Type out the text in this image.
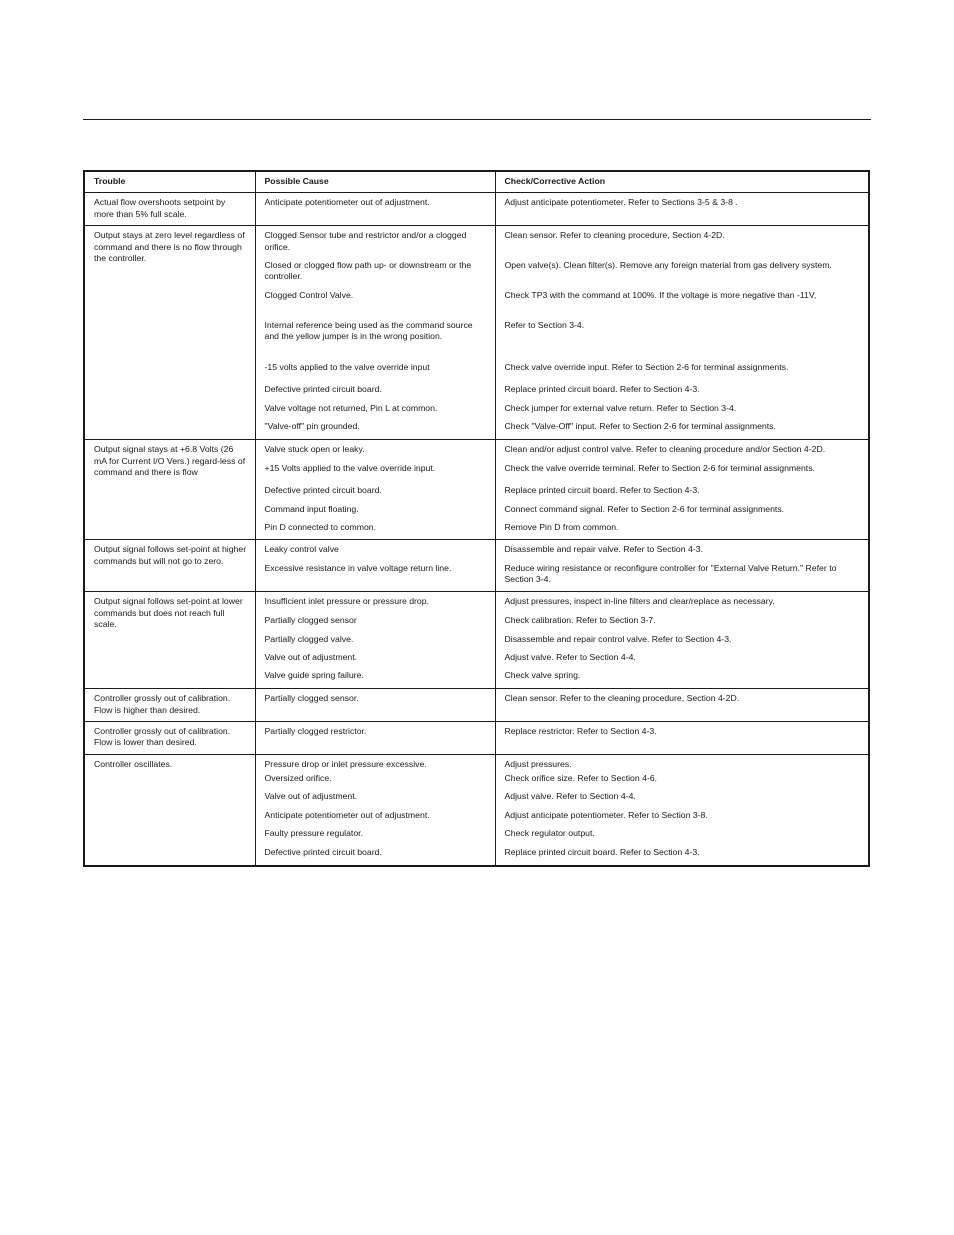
Trouble	Possible Cause	Check/Corrective Action
Actual flow overshoots setpoint by more than 5% full scale.	Anticipate potentiometer out of adjustment.	Adjust anticipate potentiometer. Refer to Sections 3-5 & 3-8 .
Output stays at zero level regardless of command and there is no flow through the controller.	Clogged Sensor tube and restrictor and/or a clogged orifice.	Clean sensor. Refer to cleaning procedure, Section 4-2D.
	Closed or clogged flow path up- or downstream or the controller.	Open valve(s). Clean filter(s). Remove any foreign material from gas delivery system.
	Clogged Control Valve.	Check TP3 with the command at 100%. If the voltage is more negative than -11V,
	Internal reference being used as the command source and the yellow jumper is in the wrong position.	Refer to Section 3-4.
	-15 volts applied to the valve override input	Check valve override input. Refer to Section 2-6 for terminal assignments.
	Defective printed circuit board.	Replace printed circuit board. Refer to Section 4-3.
	Valve voltage not returned, Pin L at common.	Check jumper for external valve return. Refer to Section 3-4.
	"Valve-off" pin grounded.	Check "Valve-Off" input. Refer to Section 2-6 for terminal assignments.
Output signal stays at +6.8 Volts (26 mA for Current I/O Vers.) regard-less of command and there is flow	Valve stuck open or leaky.	Clean and/or adjust control valve. Refer to cleaning procedure and/or Section 4-2D.
	+15 Volts applied to the valve override input.	Check the valve override terminal. Refer to Section 2-6 for terminal assignments.
	Defective printed circuit board.	Replace printed circuit board. Refer to Section 4-3.
	Command input floating.	Connect command signal. Refer to Section 2-6 for terminal assignments.
	Pin D connected to common.	Remove Pin D from common.
Output signal follows set-point at higher commands but will not go to zero.	Leaky control valve	Disassemble and repair valve. Refer to Section 4-3.
	Excessive resistance in valve voltage return line.	Reduce wiring resistance or reconfigure controller for "External Valve Return." Refer to Section 3-4.
Output signal follows set-point at lower commands but does not reach full scale.	Insufficient inlet pressure or pressure drop.	Adjust pressures, inspect in-line filters and clear/replace as necessary.
	Partially clogged sensor	Check calibration. Refer to Section 3-7.
	Partially clogged valve.	Disassemble and repair control valve. Refer to Section 4-3.
	Valve out of adjustment.	Adjust valve. Refer to Section 4-4.
	Valve guide spring failure.	Check valve spring.
Controller grossly out of calibration. Flow is higher than desired.	Partially clogged sensor.	Clean sensor. Refer to the cleaning procedure, Section 4-2D.
Controller grossly out of calibration. Flow is lower than desired.	Partially clogged restrictor.	Replace restrictor. Refer to Section 4-3.
Controller oscillates.	Pressure drop or inlet pressure excessive.	Adjust pressures.
	Oversized orifice.	Check orifice size. Refer to Section 4-6.
	Valve out of adjustment.	Adjust valve. Refer to Section 4-4.
	Anticipate potentiometer out of adjustment.	Adjust anticipate potentiometer. Refer to Section 3-8.
	Faulty pressure regulator.	Check regulator output.
	Defective printed circuit board.	Replace printed circuit board. Refer to Section 4-3.
